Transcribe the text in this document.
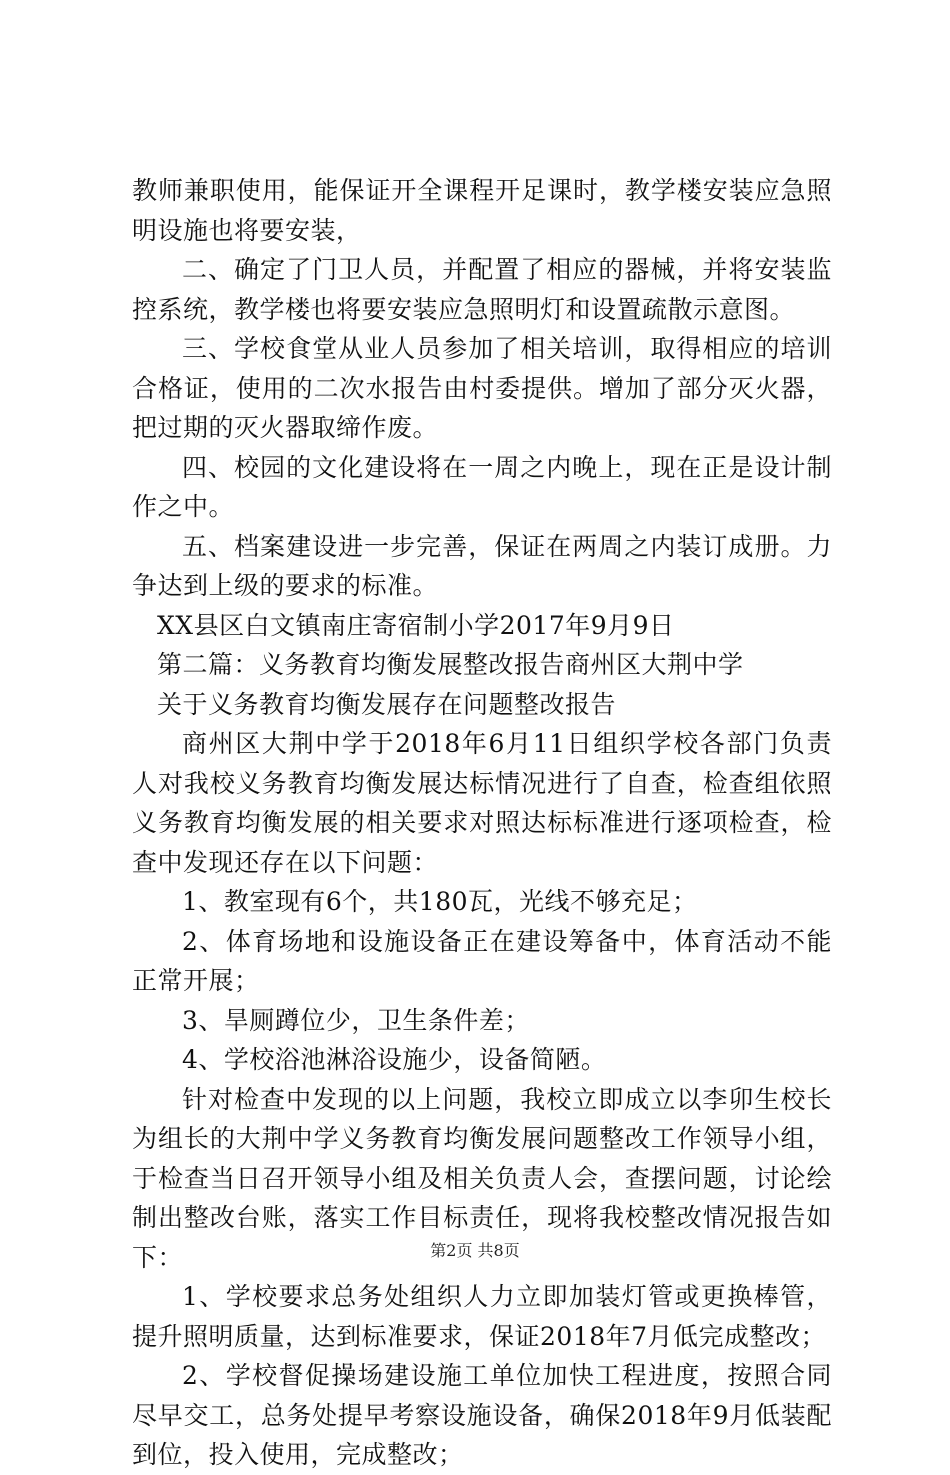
教师兼职使用，能保证开全课程开足课时，教学楼安装应急照明设施也将要安装，

二、确定了门卫人员，并配置了相应的器械，并将安装监控系统，教学楼也将要安装应急照明灯和设置疏散示意图。

三、学校食堂从业人员参加了相关培训，取得相应的培训合格证，使用的二次水报告由村委提供。增加了部分灭火器，把过期的灭火器取缔作废。

四、校园的文化建设将在一周之内晚上，现在正是设计制作之中。

五、档案建设进一步完善，保证在两周之内装订成册。力争达到上级的要求的标准。

XX县区白文镇南庄寄宿制小学2017年9月9日

第二篇：义务教育均衡发展整改报告商州区大荆中学

关于义务教育均衡发展存在问题整改报告

商州区大荆中学于2018年6月11日组织学校各部门负责人对我校义务教育均衡发展达标情况进行了自查，检查组依照义务教育均衡发展的相关要求对照达标标准进行逐项检查，检查中发现还存在以下问题：

1、教室现有6个，共180瓦，光线不够充足；

2、体育场地和设施设备正在建设筹备中，体育活动不能正常开展；

3、旱厕蹲位少，卫生条件差；

4、学校浴池淋浴设施少，设备简陋。

针对检查中发现的以上问题，我校立即成立以李卯生校长为组长的大荆中学义务教育均衡发展问题整改工作领导小组，于检查当日召开领导小组及相关负责人会，查摆问题，讨论绘制出整改台账，落实工作目标责任，现将我校整改情况报告如下：

1、学校要求总务处组织人力立即加装灯管或更换棒管，提升照明质量，达到标准要求，保证2018年7月低完成整改；

2、学校督促操场建设施工单位加快工程进度，按照合同尽早交工，总务处提早考察设施设备，确保2018年9月低装配到位，投入使用，完成整改；

第2页 共8页
